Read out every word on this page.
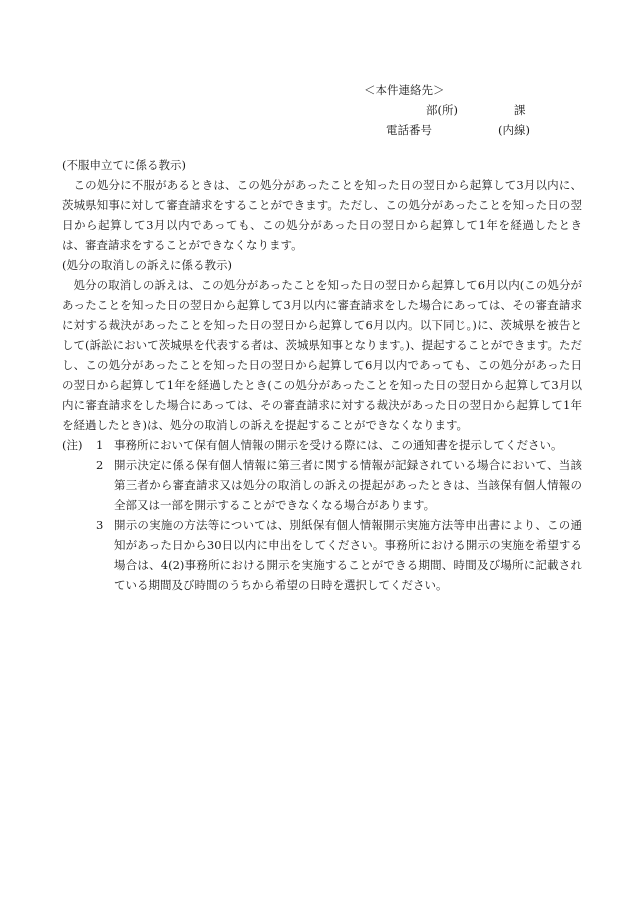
＜本件連絡先＞
部(所)	課
電話番号	(内線)

(不服申立てに係る教示)

この処分に不服があるときは、この処分があったことを知った日の翌日から起算して3月以内に、茨城県知事に対して審査請求をすることができます。ただし、この処分があったことを知った日の翌日から起算して3月以内であっても、この処分があった日の翌日から起算して1年を経過したときは、審査請求をすることができなくなります。

(処分の取消しの訴えに係る教示)

処分の取消しの訴えは、この処分があったことを知った日の翌日から起算して6月以内(この処分があったことを知った日の翌日から起算して3月以内に審査請求をした場合にあっては、その審査請求に対する裁決があったことを知った日の翌日から起算して6月以内。以下同じ。)に、茨城県を被告として(訴訟において茨城県を代表する者は、茨城県知事となります。)、提起することができます。ただし、この処分があったことを知った日の翌日から起算して6月以内であっても、この処分があった日の翌日から起算して1年を経過したとき(この処分があったことを知った日の翌日から起算して3月以内に審査請求をした場合にあっては、その審査請求に対する裁決があった日の翌日から起算して1年を経過したとき)は、処分の取消しの訴えを提起することができなくなります。

(注)	1 事務所において保有個人情報の開示を受ける際には、この通知書を提示してください。
2 開示決定に係る保有個人情報に第三者に関する情報が記録されている場合において、当該第三者から審査請求又は処分の取消しの訴えの提起があったときは、当該保有個人情報の全部又は一部を開示することができなくなる場合があります。
3 開示の実施の方法等については、別紙保有個人情報開示実施方法等申出書により、この通知があった日から30日以内に申出をしてください。事務所における開示の実施を希望する場合は、4(2)事務所における開示を実施することができる期間、時間及び場所に記載されている期間及び時間のうちから希望の日時を選択してください。
